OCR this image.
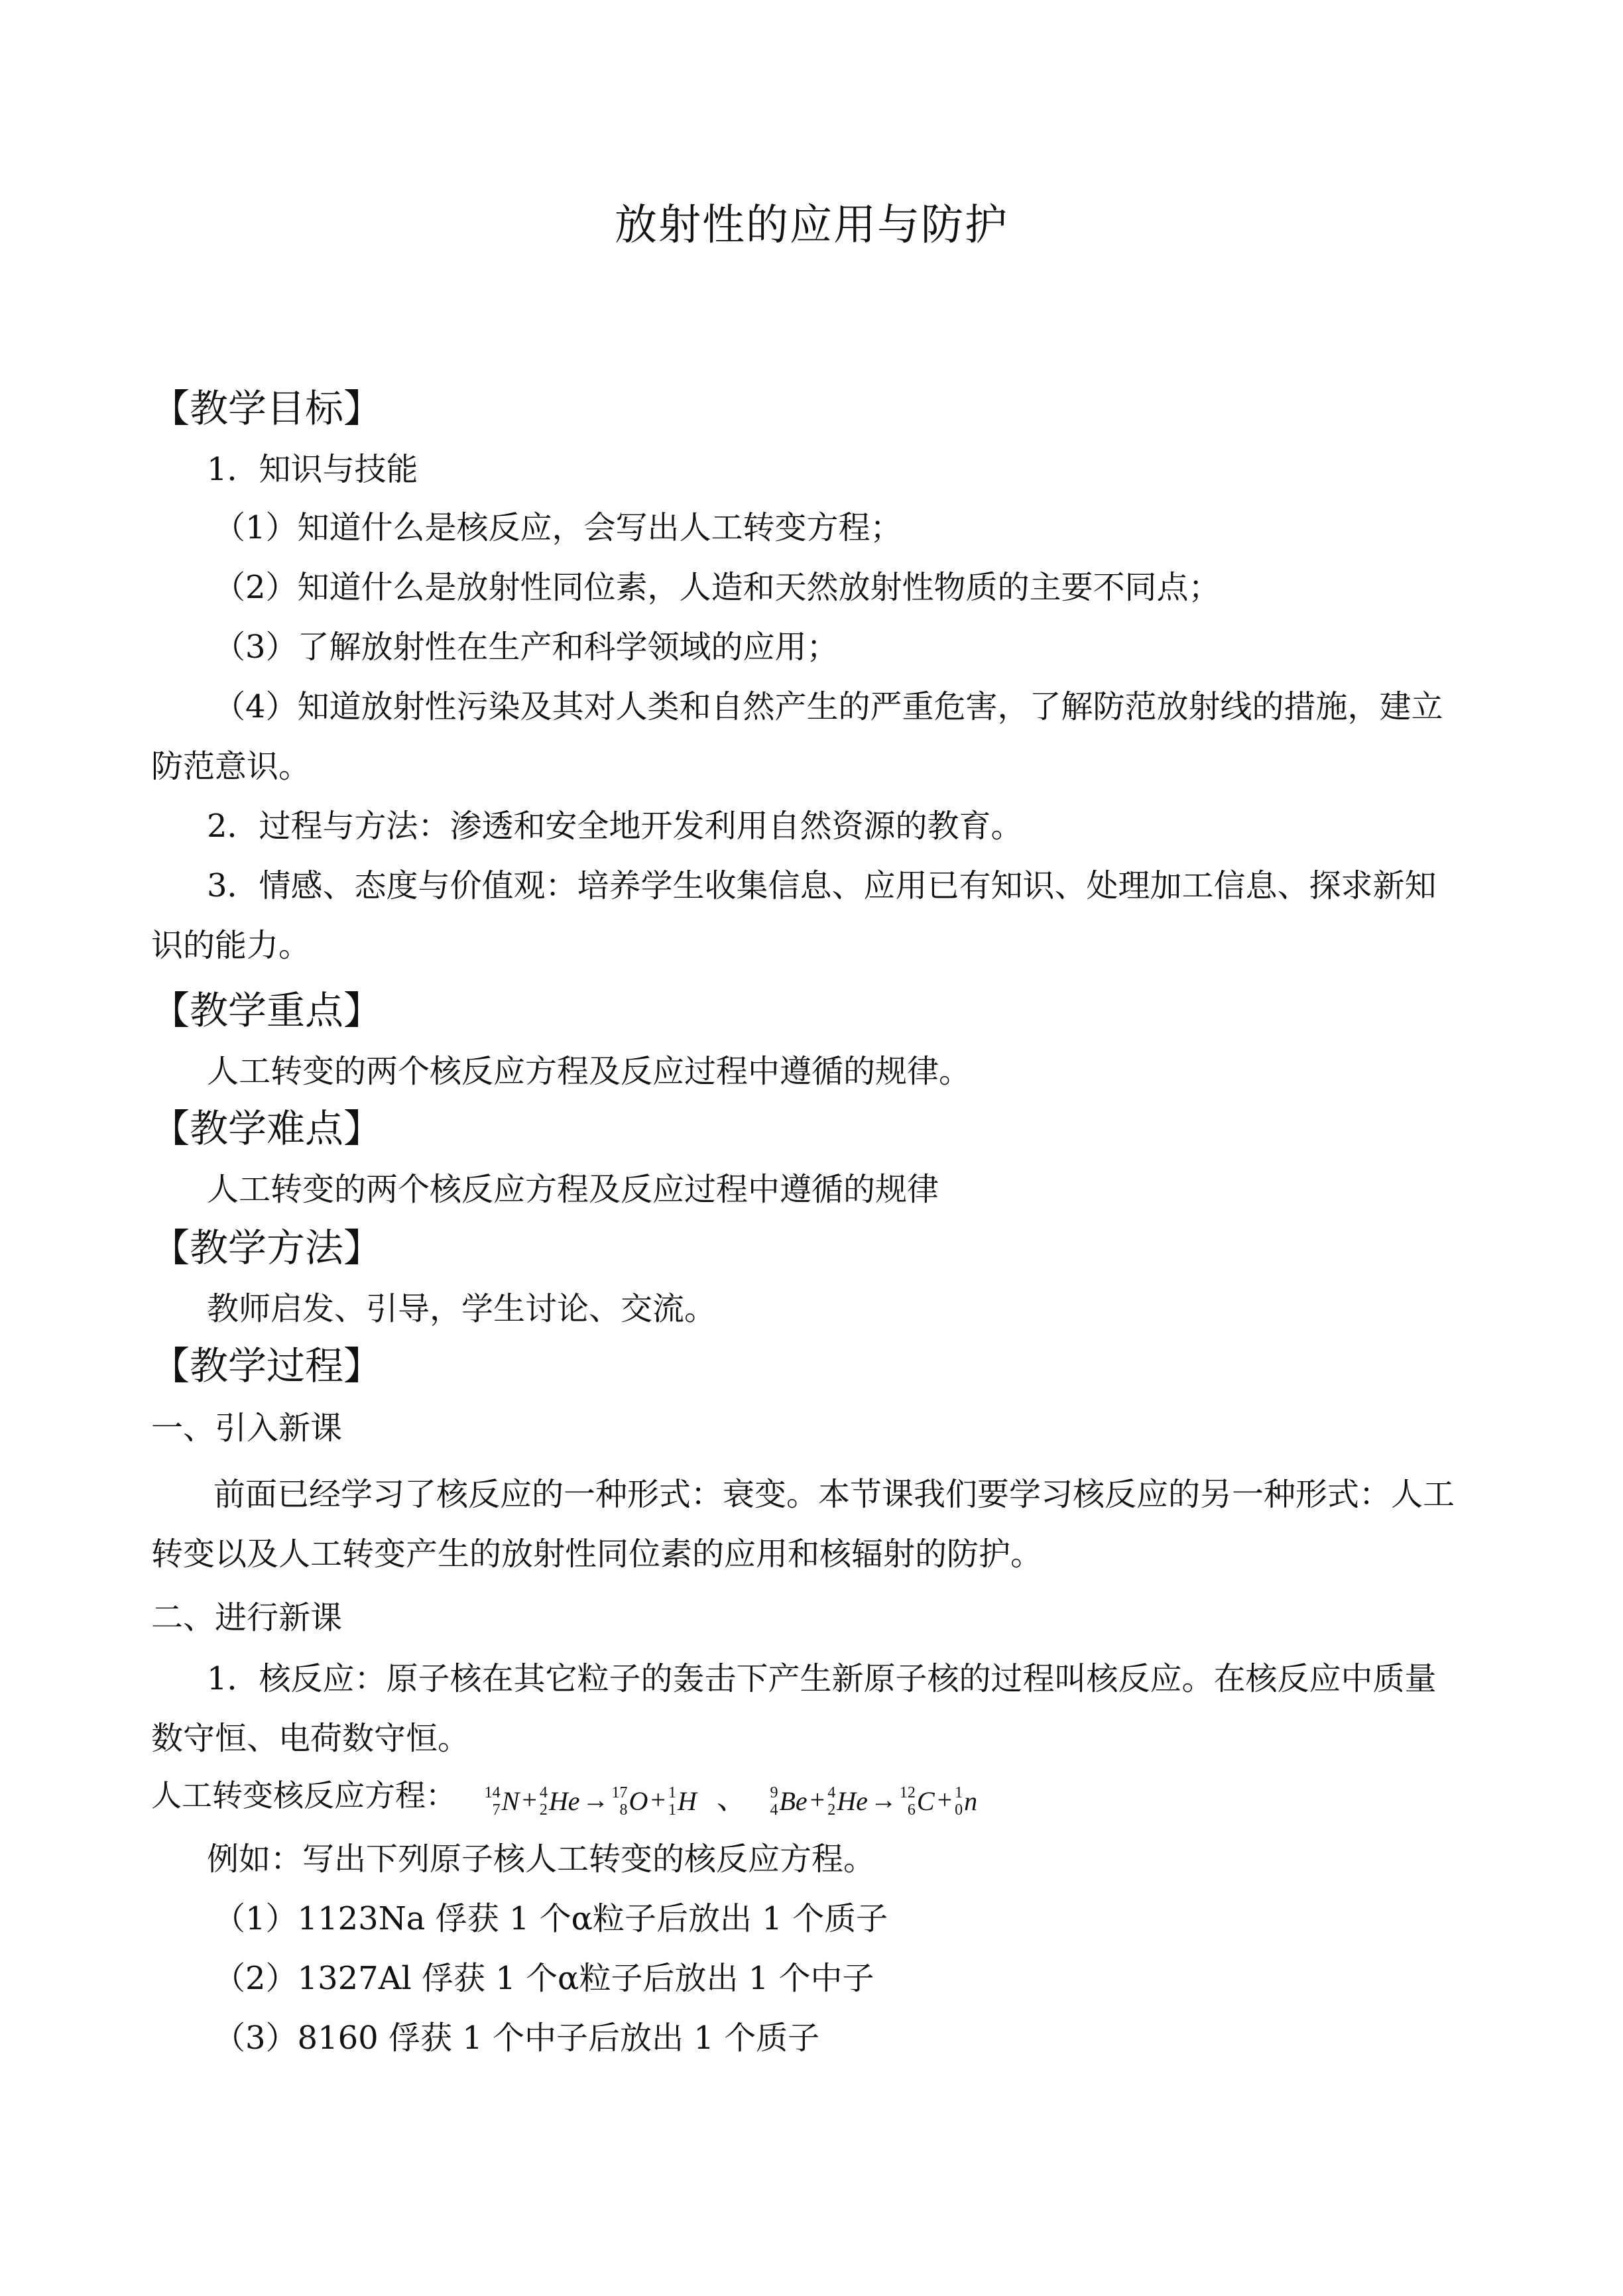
放射性的应用与防护
【教学目标】
1．知识与技能
（1）知道什么是核反应，会写出人工转变方程；
（2）知道什么是放射性同位素，人造和天然放射性物质的主要不同点；
（3）了解放射性在生产和科学领域的应用；
（4）知道放射性污染及其对人类和自然产生的严重危害，了解防范放射线的措施，建立
防范意识。
2．过程与方法：渗透和安全地开发利用自然资源的教育。
3．情感、态度与价值观：培养学生收集信息、应用已有知识、处理加工信息、探求新知
识的能力。
【教学重点】
人工转变的两个核反应方程及反应过程中遵循的规律。
【教学难点】
人工转变的两个核反应方程及反应过程中遵循的规律
【教学方法】
教师启发、引导，学生讨论、交流。
【教学过程】
一、引入新课
前面已经学习了核反应的一种形式：衰变。本节课我们要学习核反应的另一种形式：人工
转变以及人工转变产生的放射性同位素的应用和核辐射的防护。
二、进行新课
1．核反应：原子核在其它粒子的轰击下产生新原子核的过程叫核反应。在核反应中质量
数守恒、电荷数守恒。
人工转变核反应方程： 14
7 N + 4
2 He → 17
8 O + 1
1 H 、 9
4 Be + 4
2 He → 12
6 C + 1
0 n
例如：写出下列原子核人工转变的核反应方程。
（1）1123Na 俘获 1 个α粒子后放出 1 个质子
（2）1327Al 俘获 1 个α粒子后放出 1 个中子
（3）8160 俘获 1 个中子后放出 1 个质子
